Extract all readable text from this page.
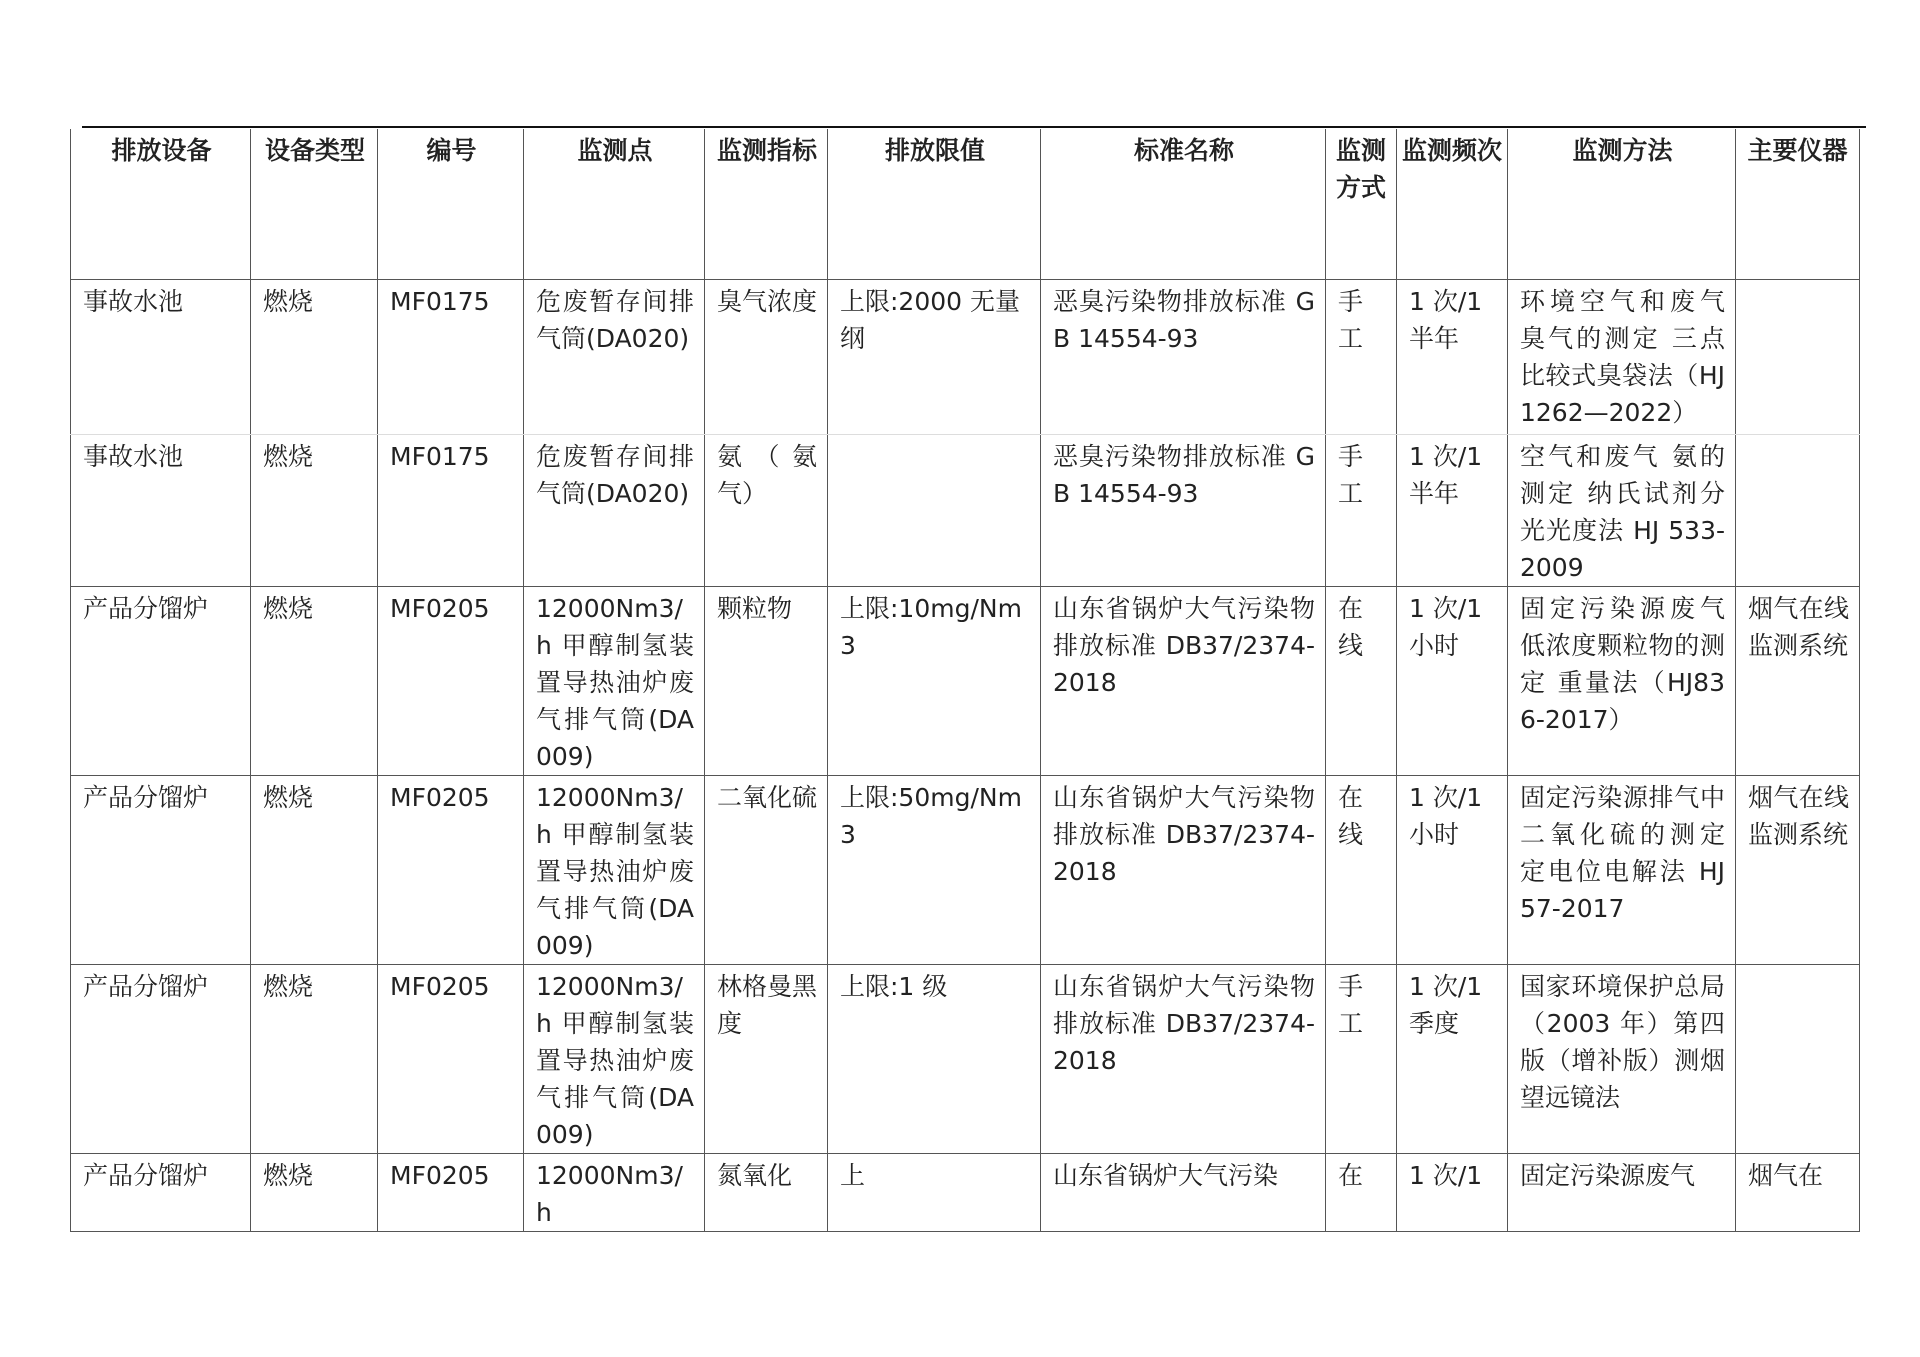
排放设备	设备类型	编号	监测点	监测指标	排放限值	标准名称	监测方式	监测频次	监测方法	主要仪器
事故水池	燃烧	MF0175	危废暂存间排气筒(DA020)	臭气浓度	上限:2000 无量纲	恶臭污染物排放标准 GB 14554-93	手工	1 次/1 半年	环境空气和废气 臭气的测定 三点比较式臭袋法（HJ 1262—2022）	
事故水池	燃烧	MF0175	危废暂存间排气筒(DA020)	氨（氨气）		恶臭污染物排放标准 GB 14554-93	手工	1 次/1 半年	空气和废气 氨的测定 纳氏试剂分光光度法 HJ 533-2009	
产品分馏炉	燃烧	MF0205	12000Nm3/h 甲醇制氢装置导热油炉废气排气筒(DA009)	颗粒物	上限:10mg/Nm3	山东省锅炉大气污染物排放标准 DB37/2374-2018	在线	1 次/1 小时	固定污染源废气 低浓度颗粒物的测定 重量法（HJ836-2017）	烟气在线监测系统
产品分馏炉	燃烧	MF0205	12000Nm3/h 甲醇制氢装置导热油炉废气排气筒(DA009)	二氧化硫	上限:50mg/Nm3	山东省锅炉大气污染物排放标准 DB37/2374-2018	在线	1 次/1 小时	固定污染源排气中二氧化硫的测定 定电位电解法 HJ 57-2017	烟气在线监测系统
产品分馏炉	燃烧	MF0205	12000Nm3/h 甲醇制氢装置导热油炉废气排气筒(DA009)	林格曼黑度	上限:1 级	山东省锅炉大气污染物排放标准 DB37/2374-2018	手工	1 次/1 季度	国家环境保护总局（2003 年）第四版（增补版）测烟望远镜法	
产品分馏炉	燃烧	MF0205	12000Nm3/h	氮氧化	上	山东省锅炉大气污染	在	1 次/1	固定污染源废气	烟气在
